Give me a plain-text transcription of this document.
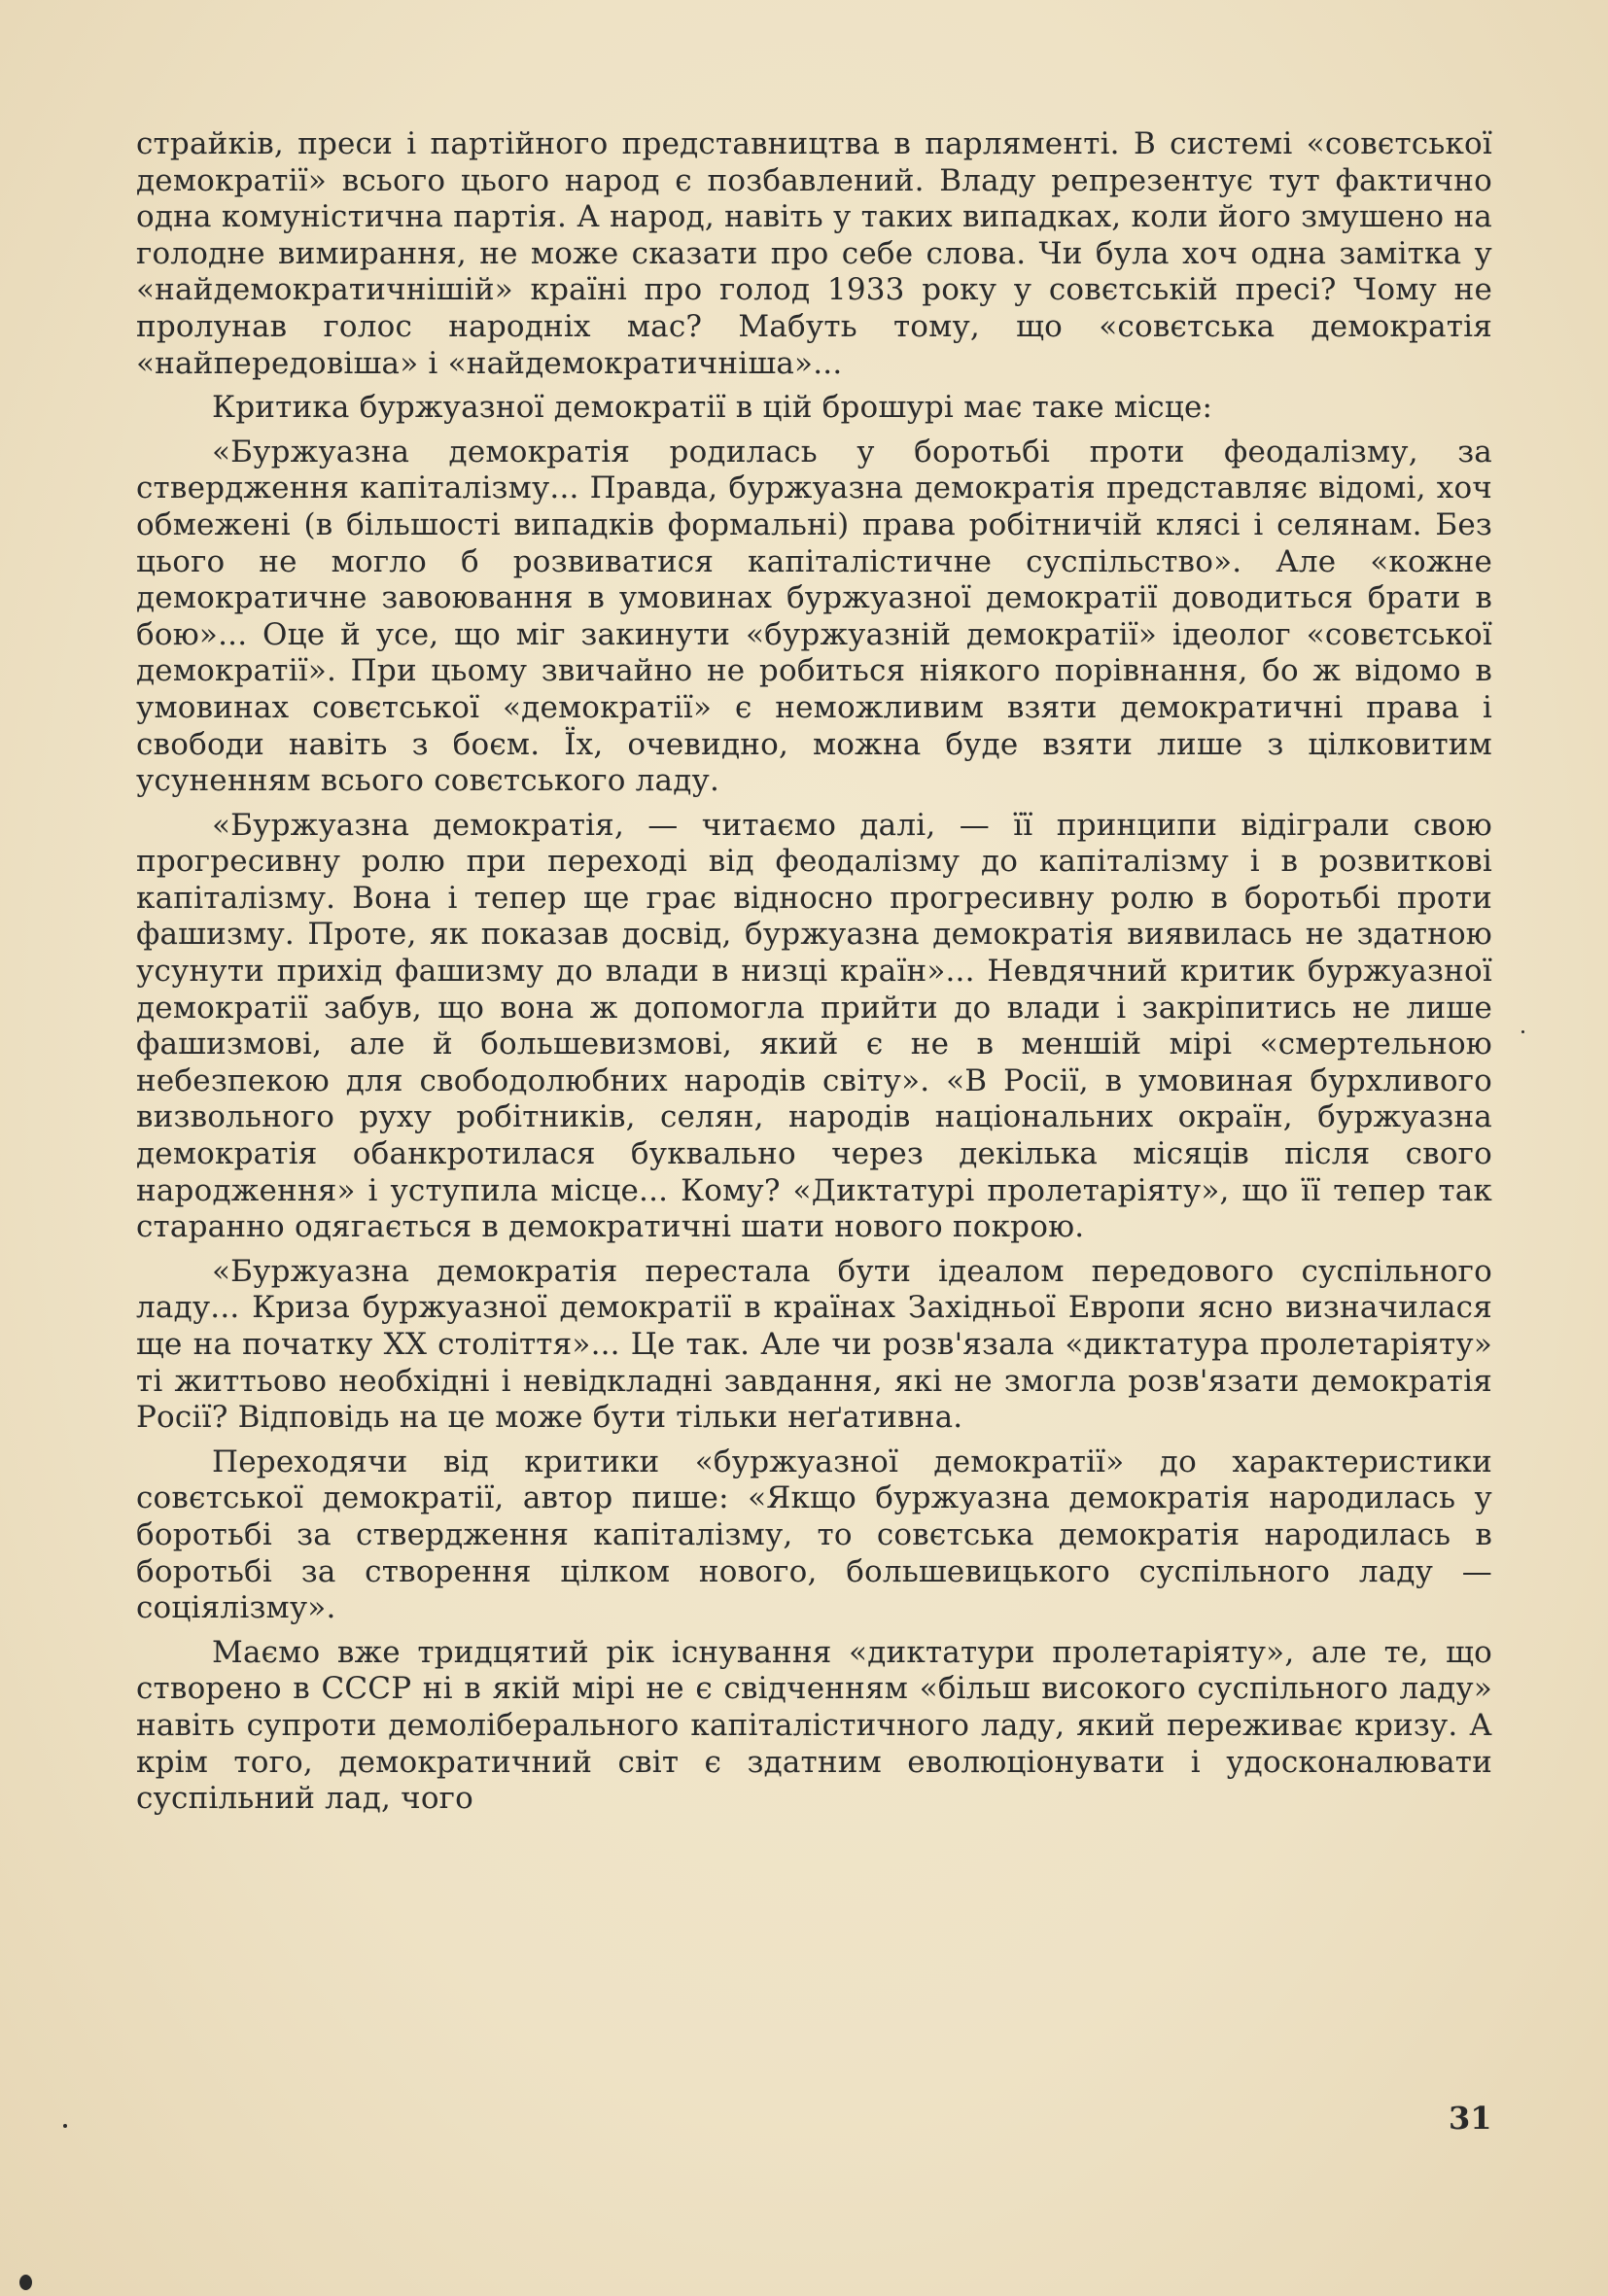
страйків, преси і партійного представництва в парляменті. В системі «совєтської демократії» всього цього народ є позбавлений. Владу репрезентує тут фактично одна комуністична партія. А народ, навіть у таких випадках, коли його змушено на голодне вимирання, не може сказати про себе слова. Чи була хоч одна замітка у «найдемократичнішій» країні про голод 1933 року у совєтській пресі? Чому не пролунав голос народніх мас? Мабуть тому, що «совєтська демократія «найпередовіша» і «найдемократичніша»...

Критика буржуазної демократії в цій брошурі має таке місце:

«Буржуазна демократія родилась у боротьбі проти феодалізму, за ствердження капіталізму... Правда, буржуазна демократія представляє відомі, хоч обмежені (в більшості випадків формальні) права робітничій клясі і селянам. Без цього не могло б розвиватися капіталістичне суспільство». Але «кожне демократичне завоювання в умовинах буржуазної демократії доводиться брати в бою»... Оце й усе, що міг закинути «буржуазній демократії» ідеолог «совєтської демократії». При цьому звичайно не робиться ніякого порівнання, бо ж відомо в умовинах совєтської «демократії» є неможливим взяти демократичні права і свободи навіть з боєм. Їх, очевидно, можна буде взяти лише з цілковитим усуненням всього совєтського ладу.

«Буржуазна демократія, — читаємо далі, — її принципи відіграли свою прогресивну ролю при переході від феодалізму до капіталізму і в розвиткові капіталізму. Вона і тепер ще грає відносно прогресивну ролю в боротьбі проти фашизму. Проте, як показав досвід, буржуазна демократія виявилась не здатною усунути прихід фашизму до влади в низці країн»... Невдячний критик буржуазної демократії забув, що вона ж допомогла прийти до влади і закріпитись не лише фашизмові, але й большевизмові, який є не в меншій мірі «смертельною небезпекою для свободолюбних народів світу». «В Росії, в умовиная бурхливого визвольного руху робітників, селян, народів національних окраїн, буржуазна демократія обанкротилася буквально через декілька місяців після свого народження» і уступила місце... Кому? «Диктатурі пролетаріяту», що її тепер так старанно одягається в демократичні шати нового покрою.

«Буржуазна демократія перестала бути ідеалом передового суспільного ладу... Криза буржуазної демократії в країнах Західньої Европи ясно визначилася ще на початку XX століття»... Це так. Але чи розв'язала «диктатура пролетаріяту» ті життьово необхідні і невідкладні завдання, які не змогла розв'язати демократія Росії? Відповідь на це може бути тільки неґативна.

Переходячи від критики «буржуазної демократії» до характеристики совєтської демократії, автор пише: «Якщо буржуазна демократія народилась у боротьбі за ствердження капіталізму, то совєтська демократія народилась в боротьбі за створення цілком нового, большевицького суспільного ладу — соціялізму».

Маємо вже тридцятий рік існування «диктатури пролетаріяту», але те, що створено в СССР ні в якій мірі не є свідченням «більш високого суспільного ладу» навіть супроти демоліберального капіталістичного ладу, який переживає кризу. А крім того, демократичний світ є здатним еволюціонувати і удосконалювати суспільний лад, чого

31
